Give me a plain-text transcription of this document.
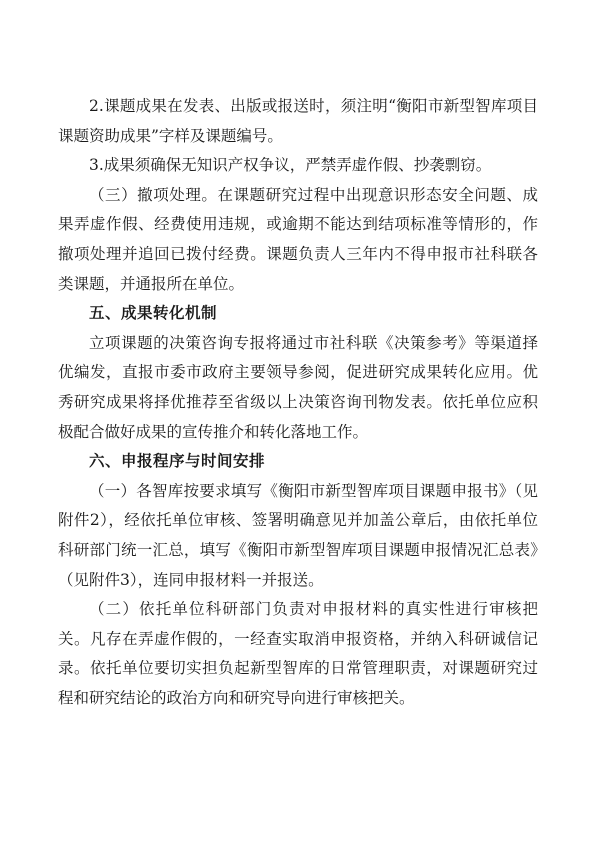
2.课题成果在发表、出版或报送时，须注明“衡阳市新型智库项目课题资助成果”字样及课题编号。

3.成果须确保无知识产权争议，严禁弄虚作假、抄袭剽窃。

（三）撤项处理。在课题研究过程中出现意识形态安全问题、成果弄虚作假、经费使用违规，或逾期不能达到结项标准等情形的，作撤项处理并追回已拨付经费。课题负责人三年内不得申报市社科联各类课题，并通报所在单位。

五、成果转化机制

立项课题的决策咨询专报将通过市社科联《决策参考》等渠道择优编发，直报市委市政府主要领导参阅，促进研究成果转化应用。优秀研究成果将择优推荐至省级以上决策咨询刊物发表。依托单位应积极配合做好成果的宣传推介和转化落地工作。

六、申报程序与时间安排

（一）各智库按要求填写《衡阳市新型智库项目课题申报书》（见附件2），经依托单位审核、签署明确意见并加盖公章后，由依托单位科研部门统一汇总，填写《衡阳市新型智库项目课题申报情况汇总表》（见附件3），连同申报材料一并报送。

（二）依托单位科研部门负责对申报材料的真实性进行审核把关。凡存在弄虚作假的，一经查实取消申报资格，并纳入科研诚信记录。依托单位要切实担负起新型智库的日常管理职责，对课题研究过程和研究结论的政治方向和研究导向进行审核把关。
